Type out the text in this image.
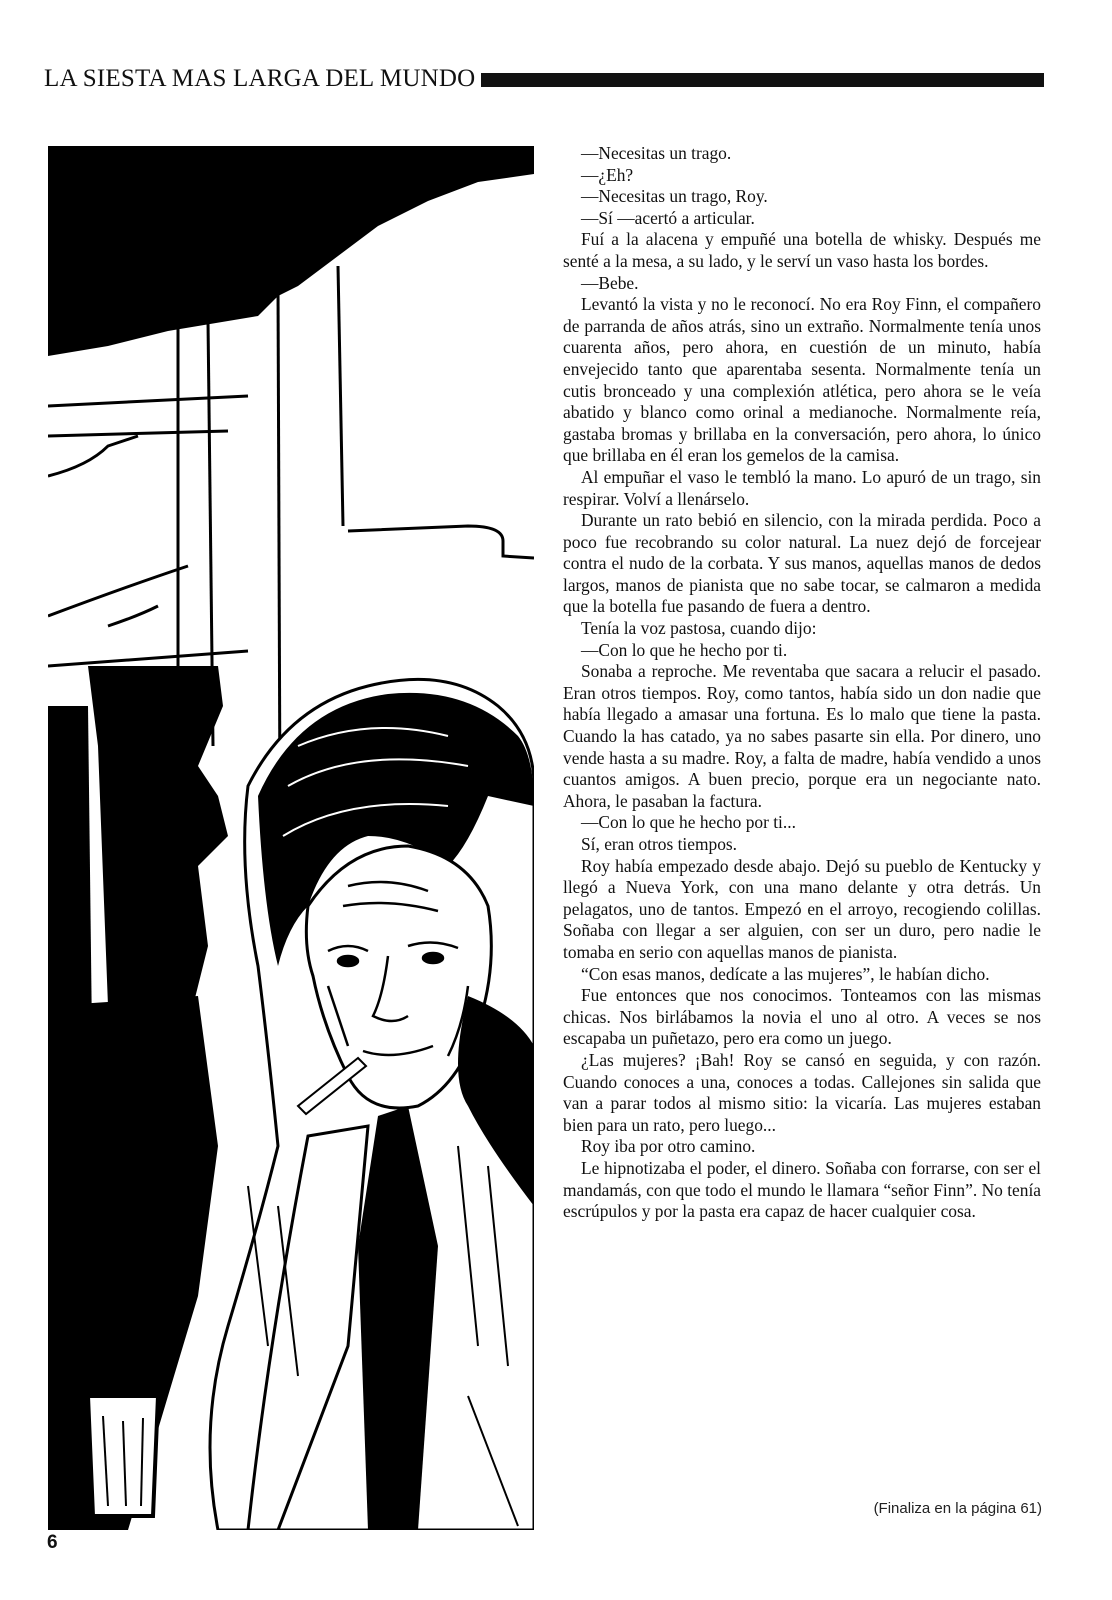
LA SIESTA MAS LARGA DEL MUNDO

—Necesitas un trago.

—¿Eh?

—Necesitas un trago, Roy.

—Sí —acertó a articular.

Fuí a la alacena y empuñé una botella de whisky. Después me senté a la mesa, a su lado, y le serví un vaso hasta los bordes.

—Bebe.

Levantó la vista y no le reconocí. No era Roy Finn, el compañero de parranda de años atrás, sino un extraño. Normalmente tenía unos cuarenta años, pero ahora, en cuestión de un minuto, había envejecido tanto que aparentaba sesenta. Normalmente tenía un cutis bronceado y una complexión atlética, pero ahora se le veía abatido y blanco como orinal a medianoche. Normalmente reía, gastaba bromas y brillaba en la conversación, pero ahora, lo único que brillaba en él eran los gemelos de la camisa.

Al empuñar el vaso le tembló la mano. Lo apuró de un trago, sin respirar. Volví a llenárselo.

Durante un rato bebió en silencio, con la mirada perdida. Poco a poco fue recobrando su color natural. La nuez dejó de forcejear contra el nudo de la corbata. Y sus manos, aquellas manos de dedos largos, manos de pianista que no sabe tocar, se calmaron a medida que la botella fue pasando de fuera a dentro.

Tenía la voz pastosa, cuando dijo:

—Con lo que he hecho por ti.

Sonaba a reproche. Me reventaba que sacara a relucir el pasado. Eran otros tiempos. Roy, como tantos, había sido un don nadie que había llegado a amasar una fortuna. Es lo malo que tiene la pasta. Cuando la has catado, ya no sabes pasarte sin ella. Por dinero, uno vende hasta a su madre. Roy, a falta de madre, había vendido a unos cuantos amigos. A buen precio, porque era un negociante nato. Ahora, le pasaban la factura.

—Con lo que he hecho por ti...

Sí, eran otros tiempos.

Roy había empezado desde abajo. Dejó su pueblo de Kentucky y llegó a Nueva York, con una mano delante y otra detrás. Un pelagatos, uno de tantos. Empezó en el arroyo, recogiendo colillas. Soñaba con llegar a ser alguien, con ser un duro, pero nadie le tomaba en serio con aquellas manos de pianista.

“Con esas manos, dedícate a las mujeres”, le habían dicho.

Fue entonces que nos conocimos. Tonteamos con las mismas chicas. Nos birlábamos la novia el uno al otro. A veces se nos escapaba un puñetazo, pero era como un juego.

¿Las mujeres? ¡Bah! Roy se cansó en seguida, y con razón. Cuando conoces a una, conoces a todas. Callejones sin salida que van a parar todos al mismo sitio: la vicaría. Las mujeres estaban bien para un rato, pero luego...

Roy iba por otro camino.

Le hipnotizaba el poder, el dinero. Soñaba con forrarse, con ser el mandamás, con que todo el mundo le llamara “señor Finn”. No tenía escrúpulos y por la pasta era capaz de hacer cualquier cosa.

(Finaliza en la página 61)
6
